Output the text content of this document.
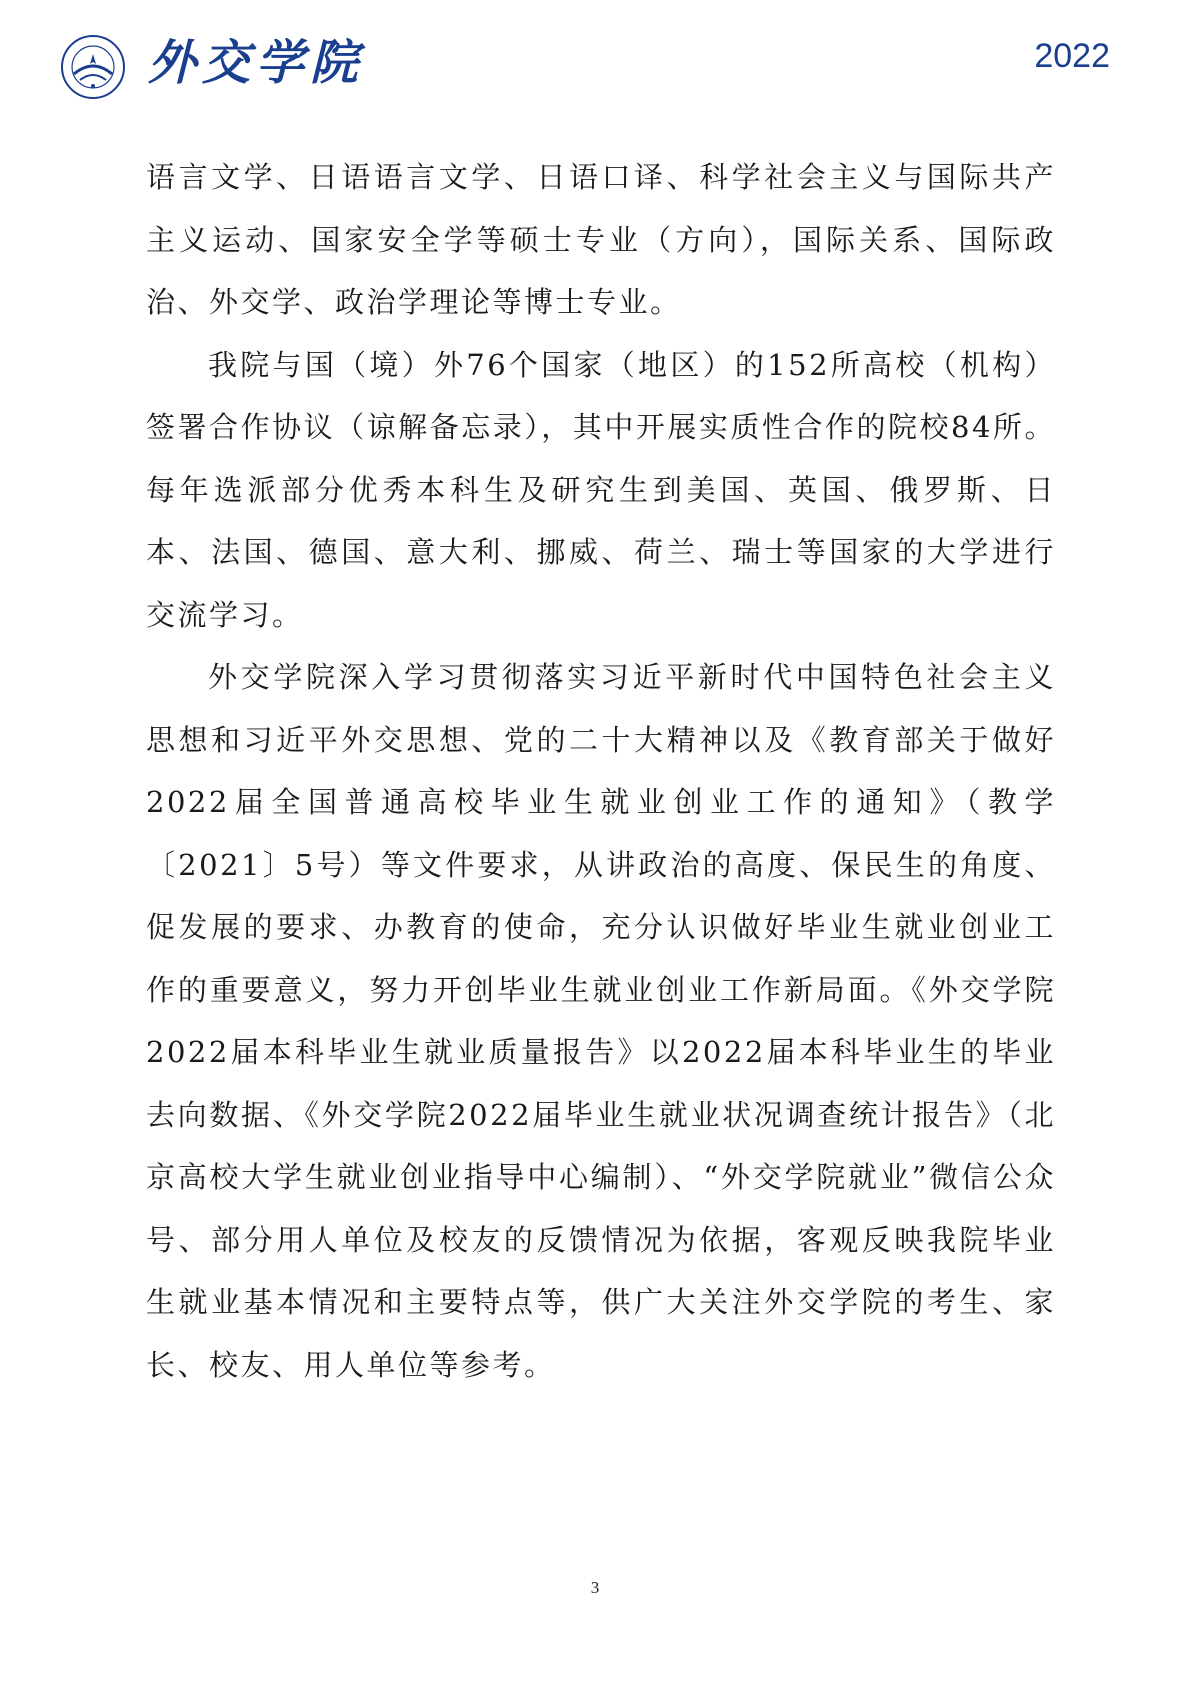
外交学院	2022

语言文学、日语语言文学、日语口译、科学社会主义与国际共产主义运动、国家安全学等硕士专业（方向），国际关系、国际政治、外交学、政治学理论等博士专业。

我院与国（境）外76个国家（地区）的152所高校（机构）签署合作协议（谅解备忘录），其中开展实质性合作的院校84所。每年选派部分优秀本科生及研究生到美国、英国、俄罗斯、日本、法国、德国、意大利、挪威、荷兰、瑞士等国家的大学进行交流学习。

外交学院深入学习贯彻落实习近平新时代中国特色社会主义思想和习近平外交思想、党的二十大精神以及《教育部关于做好2022届全国普通高校毕业生就业创业工作的通知》（教学〔2021〕5号）等文件要求，从讲政治的高度、保民生的角度、促发展的要求、办教育的使命，充分认识做好毕业生就业创业工作的重要意义，努力开创毕业生就业创业工作新局面。《外交学院2022届本科毕业生就业质量报告》以2022届本科毕业生的毕业去向数据、《外交学院2022届毕业生就业状况调查统计报告》（北京高校大学生就业创业指导中心编制）、“外交学院就业”微信公众号、部分用人单位及校友的反馈情况为依据，客观反映我院毕业生就业基本情况和主要特点等，供广大关注外交学院的考生、家长、校友、用人单位等参考。

3
